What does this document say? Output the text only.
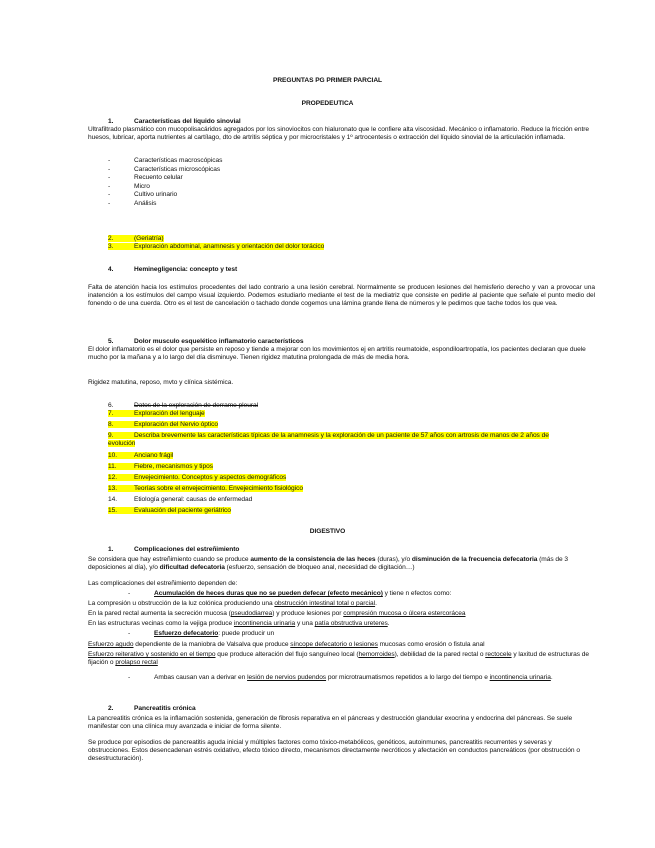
PREGUNTAS PG PRIMER PARCIAL
PROPEDEUTICA
1.	Características del líquido sinovial
Ultrafiltrado plasmático con mucopolisacáridos agregados por los sinoviocitos con hialuronato que le confiere alta viscosidad. Mecánico o inflamatorio. Reduce la fricción entre huesos, lubricar, aporta nutrientes al cartílago, dto de artritis séptica y por microcristales y 1º artrocentesis o extracción del líquido sinovial de la articulación inflamada.
-	Características macroscópicas
-	Características microscópicas
-	Recuento celular
-	Micro
-	Cultivo urinario
-	Análisis
2.	(Geriatría)
3.	Exploración abdominal, anamnesis y orientación del dolor torácico
4.	Heminegligencia: concepto y test
Falta de atención hacia los estímulos procedentes del lado contrario a una lesión cerebral. Normalmente se producen lesiones del hemisferio derecho y van a provocar una inatención a los estímulos del campo visual izquierdo. Podemos estudiarlo mediante el test de la mediatriz que consiste en pedirle al paciente que señale el punto medio del fonendo o de una cuerda. Otro es el test de cancelación o tachado donde cogemos una lámina grande llena de números y le pedimos que tache todos los que vea.
5.	Dolor musculo esquelético inflamatorio característicos
El dolor inflamatorio es el dolor que persiste en reposo y tiende a mejorar con los movimientos ej en artritis reumatoide, espondiloartropatía, los pacientes declaran que duele mucho por la mañana y a lo largo del día disminuye. Tienen rigidez matutina prolongada de más de media hora.
Rigidez matutina, reposo, mvto y clínica sistémica.
6.	Datos de la exploración de derrame pleural
7.	Exploración del lenguaje
8.	Exploración del Nervio óptico
9.	Describa brevemente las características típicas de la anamnesis y la exploración de un paciente de 57 años con artrosis de manos de 2 años de evolución
10.	Anciano frágil
11.	Fiebre, mecanismos y tipos
12.	Envejecimiento. Conceptos y aspectos demográficos
13.	Teorías sobre el envejecimiento. Envejecimiento fisiológico
14.	Etiología general: causas de enfermedad
15.	Evaluación del paciente geriátrico
DIGESTIVO
1.	Complicaciones del estreñimiento
Se considera que hay estreñimiento cuando se produce aumento de la consistencia de las heces (duras), y/o disminución de la frecuencia defecatoria (más de 3 deposiciones al día), y/o dificultad defecatoria (esfuerzo, sensación de bloqueo anal, necesidad de digitación…)
Las complicaciones del estreñimiento dependen de:
-	Acumulación de heces duras que no se pueden defecar (efecto mecánico) y tiene n efectos como:
La compresión u obstrucción de la luz colónica produciendo una obstrucción intestinal total o parcial.
En la pared rectal aumenta la secreción mucosa (pseudodiarrea) y produce lesiones por compresión mucosa o úlcera estercorácea
En las estructuras vecinas como la vejiga produce incontinencia urinaria y una patía obstructiva ureteres.
-	Esfuerzo defecatorio: puede producir un
Esfuerzo agudo dependiente de la maniobra de Valsalva que produce síncope defecatorio o lesiones mucosas como erosión o fistula anal
Esfuerzo reiterativo y sostenido en el tiempo que produce alteración del flujo sanguíneo local (hemorroides), debilidad de la pared rectal o rectocele y laxitud de estructuras de fijación o prolapso rectal
-	Ambas causan van a derivar en lesión de nervios pudendos por microtraumatismos repetidos a lo largo del tiempo e incontinencia urinaria.
2.	Pancreatitis crónica
La pancreatitis crónica es la inflamación sostenida, generación de fibrosis reparativa en el páncreas y destrucción glandular exocrina y endocrina del páncreas. Se suele manifestar con una clínica muy avanzada e iniciar de forma silente.
Se produce por episodios de pancreatitis aguda inicial y múltiples factores como tóxico-metabólicos, genéticos, autoinmunes, pancreatitis recurrentes y severas y obstrucciones. Estos desencadenan estrés oxidativo, efecto tóxico directo, mecanismos directamente necróticos y afectación en conductos pancreáticos (por obstrucción o desestructuración).
